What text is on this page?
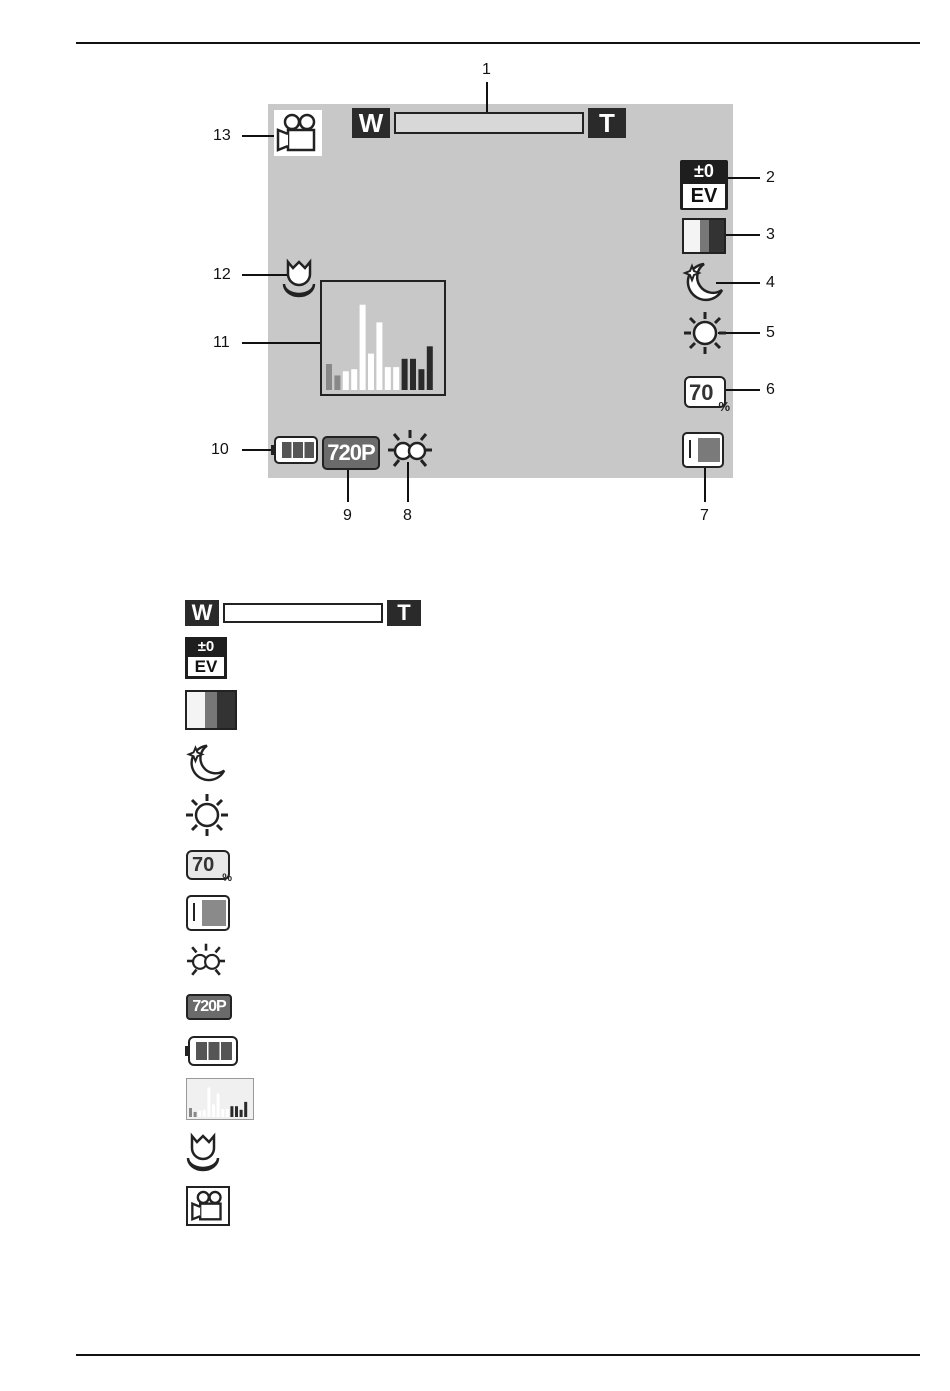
1
2
3
4
5
6
7
8
9
10
11
12
13	W	T
±0
EV
70
%
720P
W	T
±0
EV
70
%
720P
